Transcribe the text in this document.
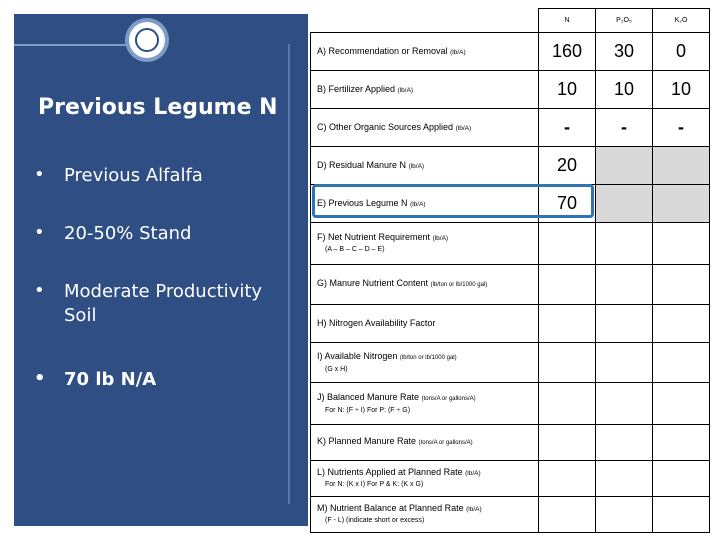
Previous Legume N
• Previous Alfalfa
• 20-50% Stand
• Moderate Productivity Soil
• 70 lb N/A
	N	P₂O₅	K₂O
A) Recommendation or Removal (lb/A)	160	30	0
B) Fertilizer Applied (lb/A)	10	10	10
C) Other Organic Sources Applied (lb/A)	-	-	-
D) Residual Manure N (lb/A)	20		
E) Previous Legume N (lb/A)	70		
F) Net Nutrient Requirement (lb/A)
(A – B – C – D – E)			

G) Manure Nutrient Content (lb/ton or lb/1000 gal)			
H) Nitrogen Availability Factor			
I) Available Nitrogen (lb/ton or lb/1000 gal)
(G x H)			

J) Balanced Manure Rate (tons/A or gallons/A)
For N: (F ÷ I) For P: (F ÷ G)			

K) Planned Manure Rate (tons/A or gallons/A)			
L) Nutrients Applied at Planned Rate (lb/A)
For N: (K x I) For P & K: (K x G)			

M) Nutrient Balance at Planned Rate (lb/A)
(F - L) (indicate short or excess)			
